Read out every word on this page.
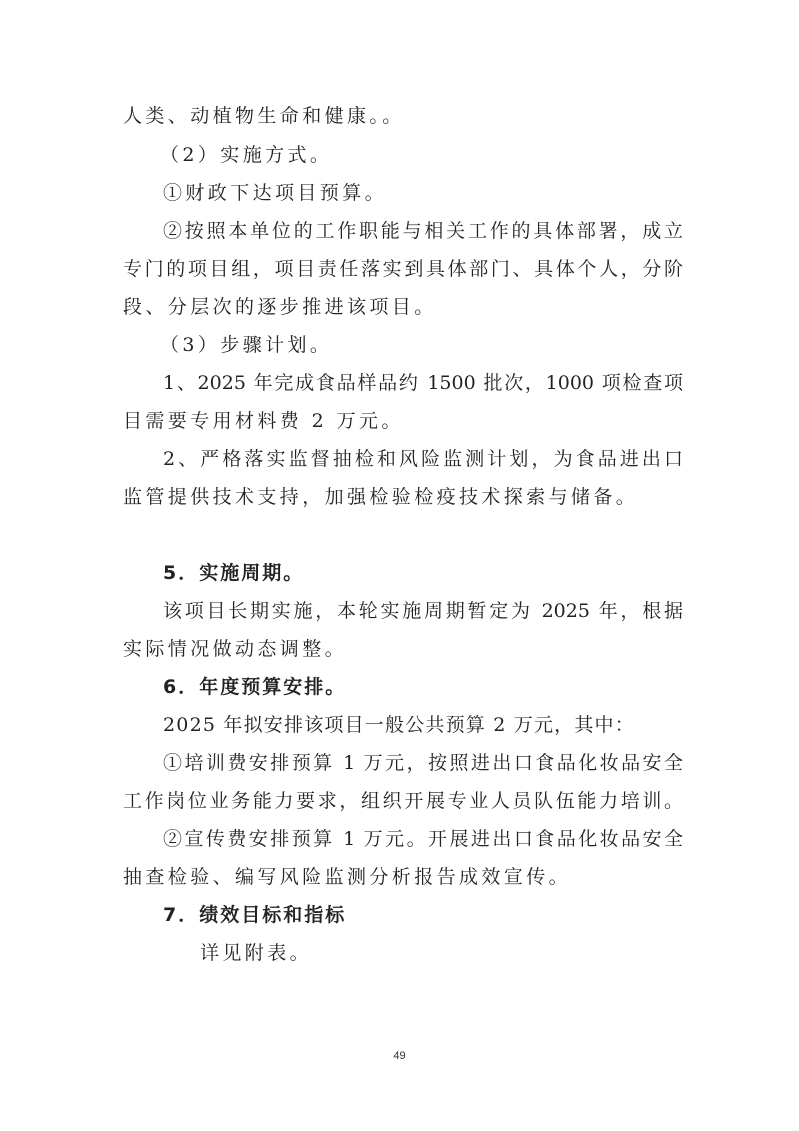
人类、动植物生命和健康。。
（2）实施方式。
①财政下达项目预算。
②按照本单位的工作职能与相关工作的具体部署，成立
专门的项目组，项目责任落实到具体部门、具体个人，分阶
段、分层次的逐步推进该项目。
（3）步骤计划。
1、2025 年完成食品样品约 1500 批次，1000 项检查项
目需要专用材料费 2 万元。
2、严格落实监督抽检和风险监测计划，为食品进出口
监管提供技术支持，加强检验检疫技术探索与储备。
5．实施周期。
该项目长期实施，本轮实施周期暂定为 2025 年，根据
实际情况做动态调整。
6．年度预算安排。
2025 年拟安排该项目一般公共预算 2 万元，其中：
①培训费安排预算 1 万元，按照进出口食品化妆品安全
工作岗位业务能力要求，组织开展专业人员队伍能力培训。
②宣传费安排预算 1 万元。开展进出口食品化妆品安全
抽查检验、编写风险监测分析报告成效宣传。
7．绩效目标和指标
详见附表。
49
